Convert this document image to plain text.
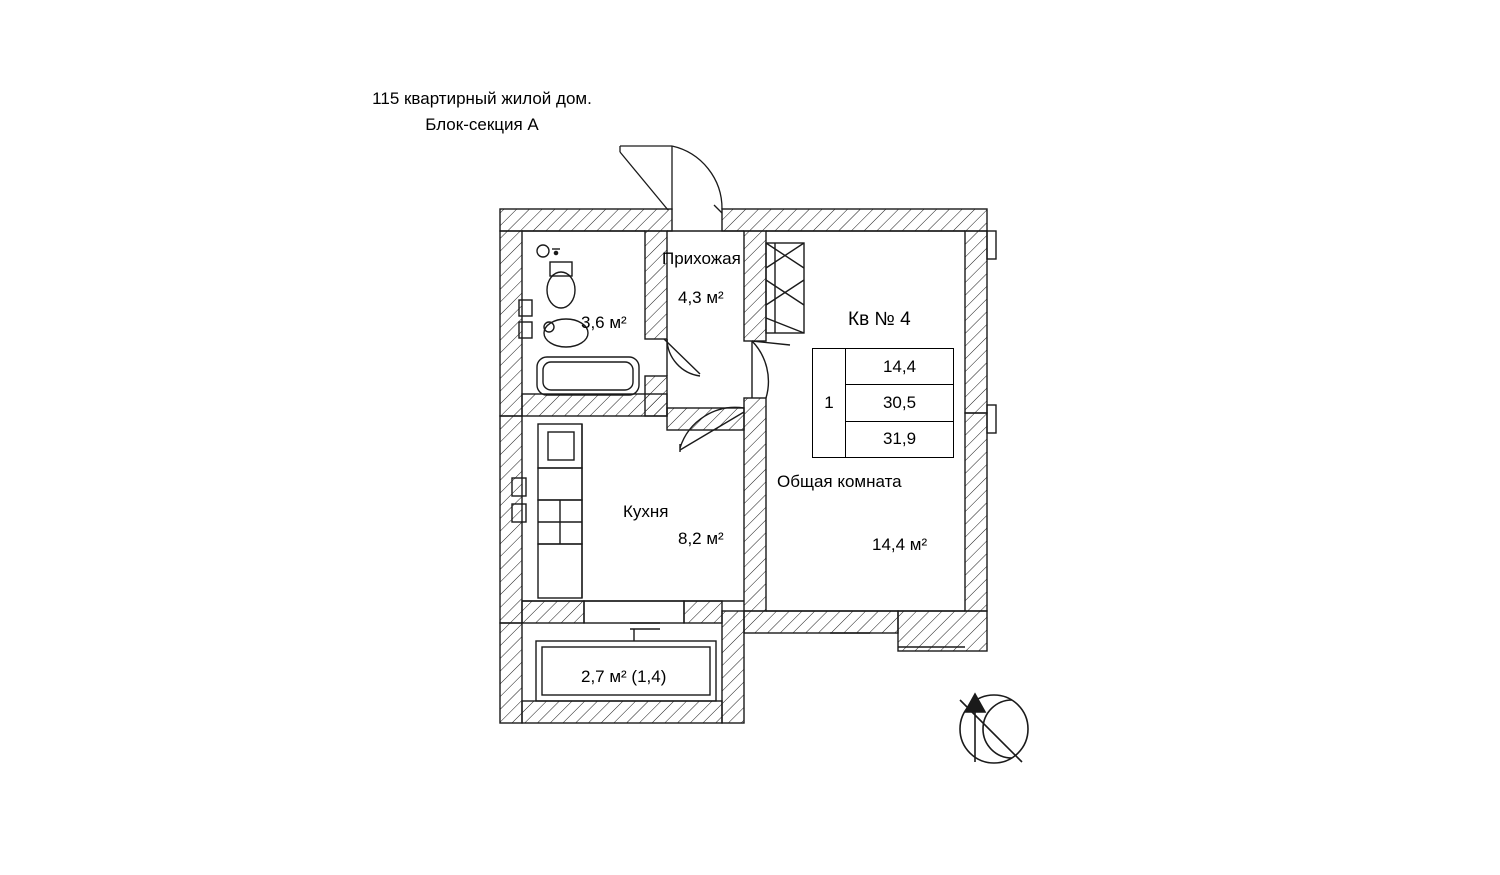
115 квартирный жилой дом.
Блок-секция А
Прихожая
4,3 м²
3,6 м²
Кухня
8,2 м²
Общая комната
14,4 м²
2,7 м² (1,4)
Кв № 4
1
14,4
30,5
31,9
